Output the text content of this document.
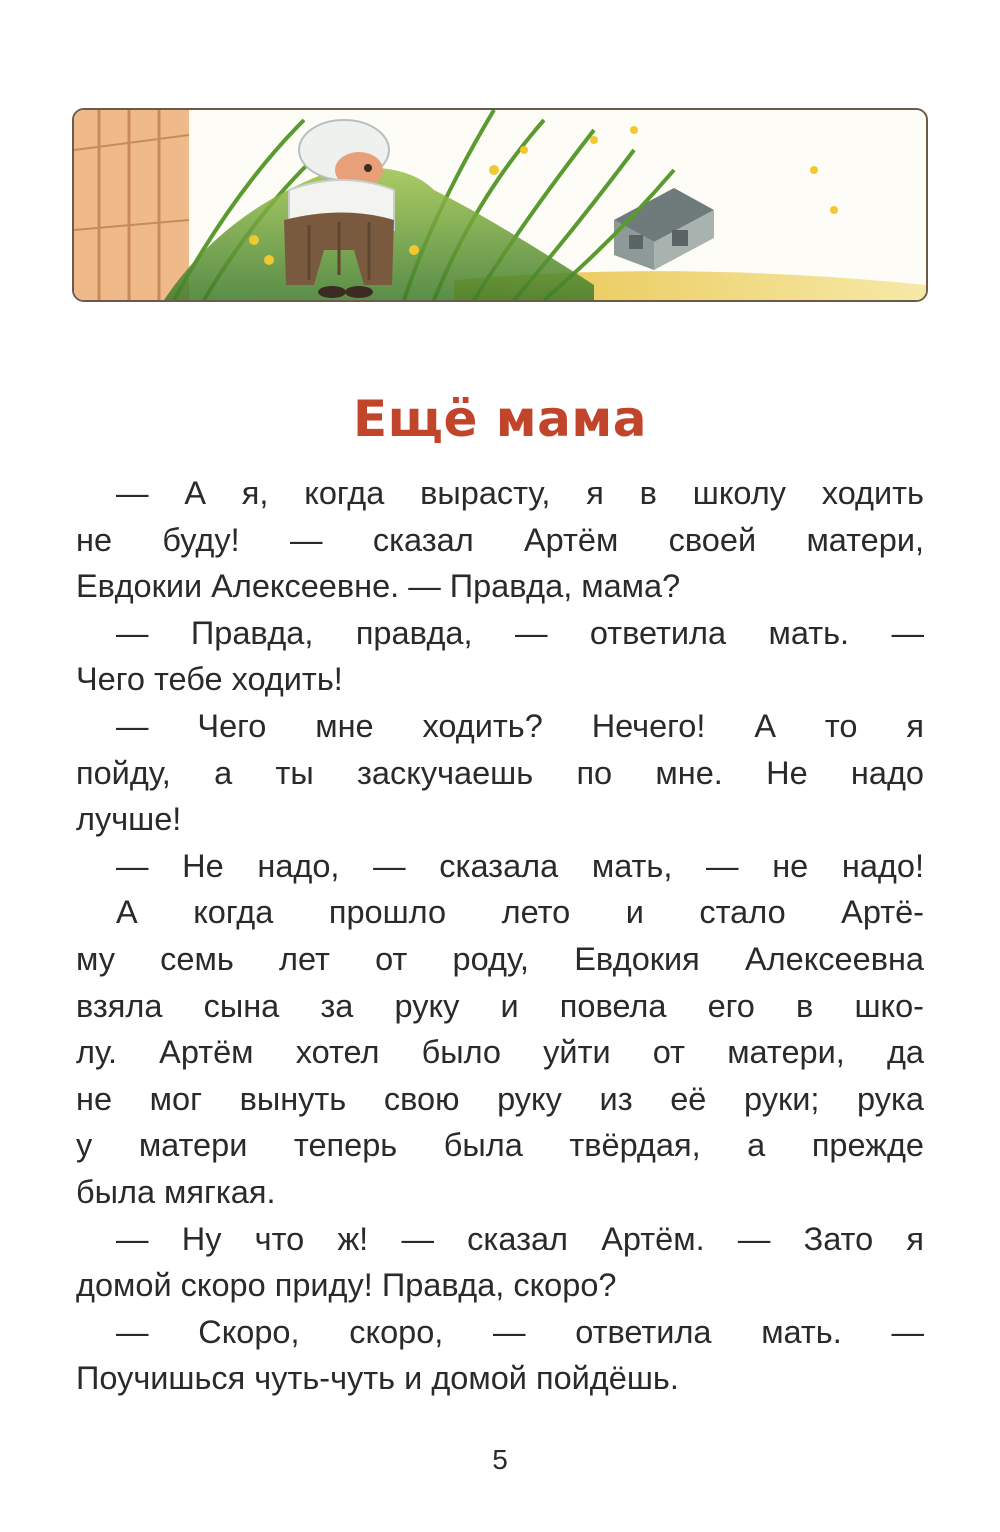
Ещё мама
— А я, когда вырасту, я в школу ходить
не буду! — сказал Артём своей матери,
Евдокии Алексеевне. — Правда, мама?
— Правда, правда, — ответила мать. —
Чего тебе ходить!
— Чего мне ходить? Нечего! А то я
пойду, а ты заскучаешь по мне. Не надо
лучше!
— Не надо, — сказала мать, — не надо!
А когда прошло лето и стало Артё-
му семь лет от роду, Евдокия Алексеевна
взяла сына за руку и повела его в шко-
лу. Артём хотел было уйти от матери, да
не мог вынуть свою руку из её руки; рука
у матери теперь была твёрдая, а прежде
была мягкая.
— Ну что ж! — сказал Артём. — Зато я
домой скоро приду! Правда, скоро?
— Скоро, скоро, — ответила мать. —
Поучишься чуть-чуть и домой пойдёшь.
5
